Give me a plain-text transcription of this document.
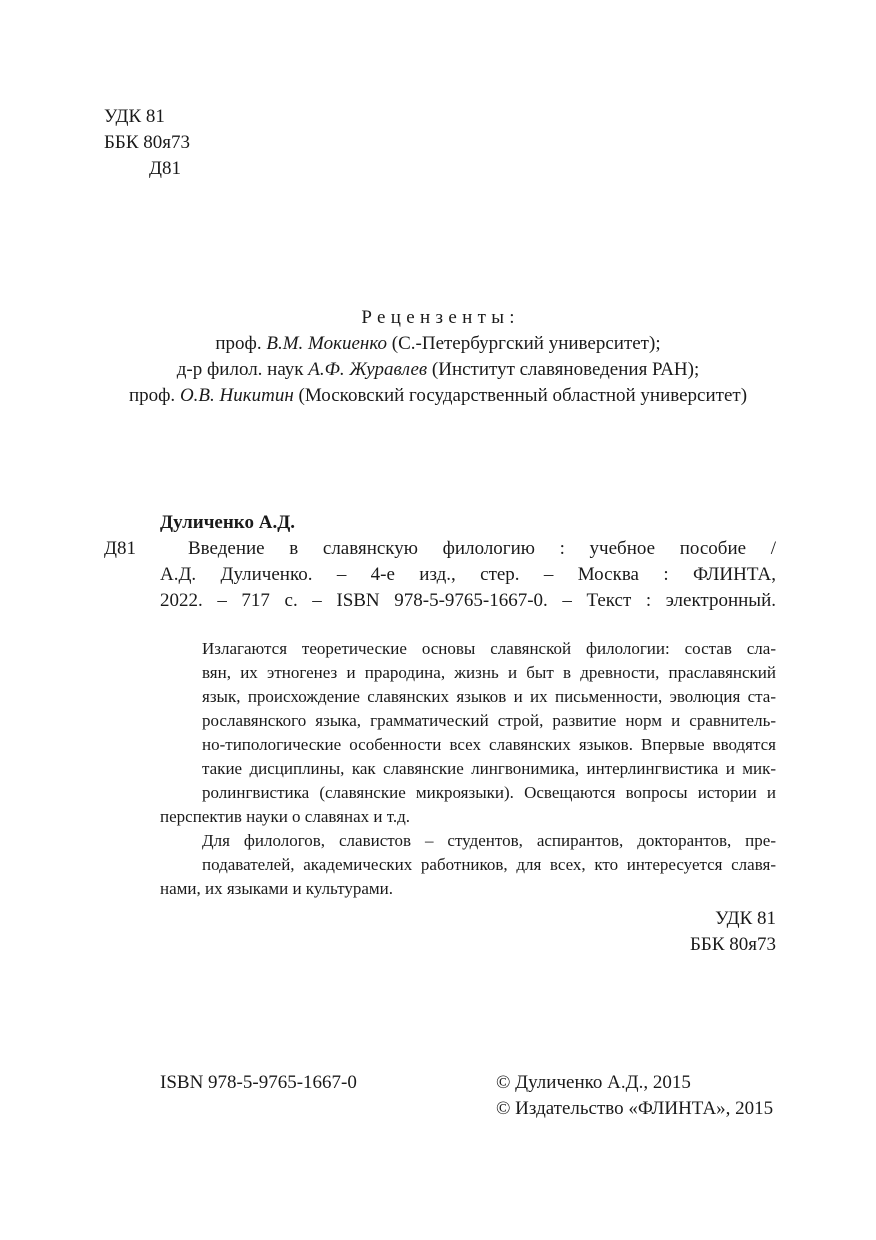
УДК 81
ББК 80я73
Д81
Рецензенты:
проф. В.М. Мокиенко (С.-Петербургский университет);
д-р филол. наук А.Ф. Журавлев (Институт славяноведения РАН);
проф. О.В. Никитин (Московский государственный областной университет)
Дуличенко А.Д.
Д81	Введение в славянскую филологию : учебное пособие /

А.Д. Дуличенко. – 4-е изд., стер. – Москва : ФЛИНТА,

2022. – 717 с. – ISBN 978-5-9765-1667-0. – Текст : электронный.

Излагаются теоретические основы славянской филологии: состав сла-
вян, их этногенез и прародина, жизнь и быт в древности, праславянский
язык, происхождение славянских языков и их письменности, эволюция ста-
рославянского языка, грамматический строй, развитие норм и сравнитель-
но-типологические особенности всех славянских языков. Впервые вводятся
такие дисциплины, как славянские лингвонимика, интерлингвистика и мик-
ролингвистика (славянские микроязыки). Освещаются вопросы истории и
перспектив науки о славянах и т.д.

Для филологов, славистов – студентов, аспирантов, докторантов, пре-
подавателей, академических работников, для всех, кто интересуется славя-
нами, их языками и культурами.

УДК 81
ББК 80я73
ISBN 978-5-9765-1667-0	© Дуличенко А.Д., 2015
© Издательство «ФЛИНТА», 2015
